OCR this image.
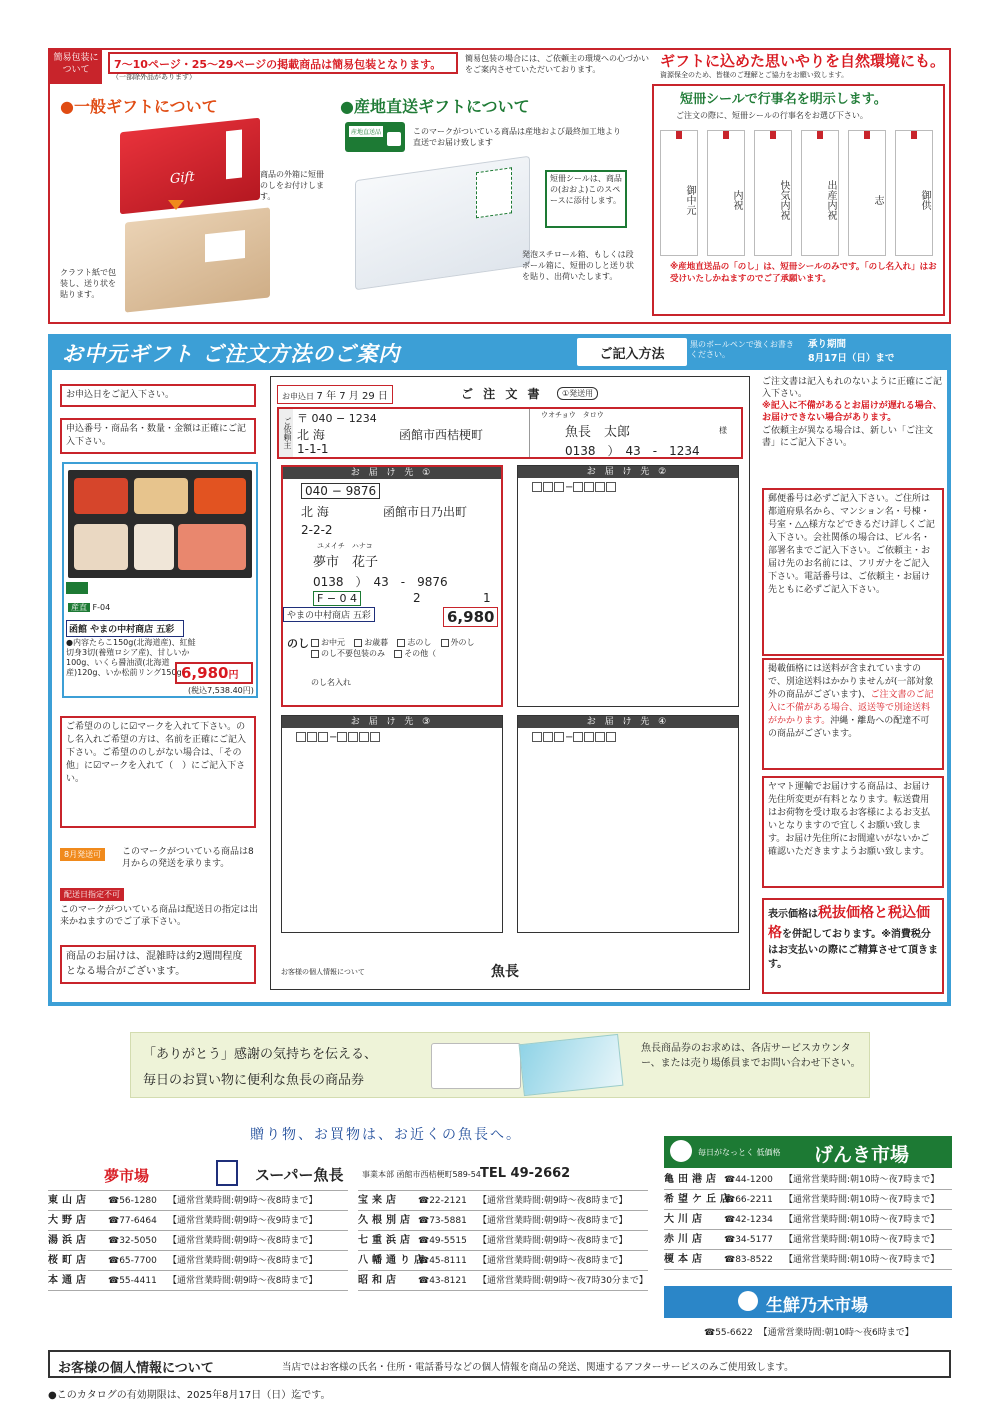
簡易包装について	7〜10ページ・25〜29ページの掲載商品は簡易包装となります。
（一部除外品があります）
簡易包装の場合には、ご依頼主の環境への心づかいをご案内させていただいております。	ギフトに込めた思いやりを自然環境にも。
資源保全のため、皆様のご理解とご協力をお願い致します。
●一般ギフトについて
Gift	商品の外箱に短冊のしをお付けします。
クラフト紙で包装し、送り状を貼ります。
●産地直送ギフトについて
産地直送品	このマークがついている商品は産地および最終加工地より直送でお届け致します
短冊シールは、商品の(おおよ)このスペースに添付します。
発泡スチロール箱、もしくは段ボール箱に、短冊のしと送り状を貼り、出荷いたします。
短冊シールで行事名を明示します。
ご注文の際に、短冊シールの行事名をお選び下さい。
御中元	内祝	快気内祝	出産内祝	志	御供
※産地直送品の「のし」は、短冊シールのみです。「のし名入れ」はお受けいたしかねますのでご了承願います。
お中元ギフト ご注文方法のご案内	ご記入方法
黒のボールペンで強くお書きください。
承り期間
8月17日（日）まで
お申込日をご記入下さい。
申込番号・商品名・数量・金額は正確にご記入下さい。
産直 F-04
函館 やまの中村商店 五彩
●内容たらこ150g(北海道産)、紅鮭切身3切(養殖ロシア産)、甘しいか100g、いくら醤油漬(北海道産)120g、いか松前リング150g 6,980円
(税込7,538.40円)
ご希望ののしに☑マークを入れて下さい。のし名入れご希望の方は、名前を正確にご記入下さい。ご希望ののしがない場合は、「その他」に☑マークを入れて（　）にご記入下さい。
8月発送可	このマークがついている商品は8月からの発送を承ります。
配送日指定不可
このマークがついている商品は配送日の指定は出来かねますのでご了承下さい。
商品のお届けは、混雑時は約2週間程度となる場合がございます。
お申込日 7 年 7 月 29 日	ご 注 文 書	①発送用
ご依頼主 〒 040 − 1234
北 海	函館市西桔梗町
1-1-1
ウオチョウ　タロウ
魚長　太郎	様
0138　）　43　-　1234
お 届 け 先 ①
040 − 9876
北 海	函館市日乃出町
2-2-2
ユメイチ　ハナコ
夢市　花子
0138　）　43　-　9876
F − 0 4	2	1
やまの中村商店 五彩	6,980
のし	お中元 お歳暮 志のし 外のし
のし不要包装のみ その他（
のし名入れ
お 届 け 先 ②
−
お 届 け 先 ③
−
お 届 け 先 ④
−
お客様の個人情報について	魚長
ご注文書は記入もれのないように正確にご記入下さい。
※記入に不備があるとお届けが遅れる場合、お届けできない場合があります。
ご依頼主が異なる場合は、新しい「ご注文書」にご記入下さい。
郵便番号は必ずご記入下さい。ご住所は都道府県名から、マンション名・号棟・号室・△△様方などできるだけ詳しくご記入下さい。会社関係の場合は、ビル名・部署名までご記入下さい。ご依頼主・お届け先のお名前には、フリガナをご記入下さい。電話番号は、ご依頼主・お届け先ともに必ずご記入下さい。
掲載価格には送料が含まれていますので、別途送料はかかりませんが(一部対象外の商品がございます)、ご注文書のご記入に不備がある場合、返送等で別途送料がかかります。沖縄・離島への配達不可の商品がございます。
ヤマト運輸でお届けする商品は、お届け先住所変更が有料となります。転送費用はお荷物を受け取るお客様によるお支払いとなりますので宜しくお願い致します。お届け先住所にお間違いがないかご確認いただきますようお願い致します。
表示価格は税抜価格と税込価格を併記しております。※消費税分はお支払いの際にご精算させて頂きます。
「ありがとう」感謝の気持ちを伝える、
毎日のお買い物に便利な魚長の商品券
魚長商品券のお求めは、各店サービスカウンター、または売り場係員までお問い合わせ下さい。
贈り物、お買物は、お近くの魚長へ。
夢市場	スーパー魚長 事業本部 函館市西桔梗町589-54 TEL 49-2662
東山店 ☎56-1280 【通常営業時間:朝9時〜夜8時まで】
大野店 ☎77-6464 【通常営業時間:朝9時〜夜9時まで】
湯浜店 ☎32-5050 【通常営業時間:朝9時〜夜8時まで】
桜町店 ☎65-7700 【通常営業時間:朝9時〜夜8時まで】
本通店 ☎55-4411 【通常営業時間:朝9時〜夜8時まで】
宝来店 ☎22-2121 【通常営業時間:朝9時〜夜8時まで】
久根別店 ☎73-5881 【通常営業時間:朝9時〜夜8時まで】
七重浜店 ☎49-5515 【通常営業時間:朝9時〜夜8時まで】
八幡通り店☎45-8111 【通常営業時間:朝9時〜夜8時まで】
昭和店 ☎43-8121 【通常営業時間:朝9時〜夜7時30分まで】
毎日がなっとく 低価格 げんき市場
亀田港店 ☎44-1200 【通常営業時間:朝10時〜夜7時まで】
希望ケ丘店☎66-2211 【通常営業時間:朝10時〜夜7時まで】
大川店 ☎42-1234 【通常営業時間:朝10時〜夜7時まで】
赤川店 ☎34-5177 【通常営業時間:朝10時〜夜7時まで】
榎本店 ☎83-8522 【通常営業時間:朝10時〜夜7時まで】
生鮮乃木市場
☎55-6622 【通常営業時間:朝10時〜夜6時まで】
お客様の個人情報について	当店ではお客様の氏名・住所・電話番号などの個人情報を商品の発送、関連するアフターサービスのみご使用致します。
●このカタログの有効期限は、2025年8月17日（日）迄です。
